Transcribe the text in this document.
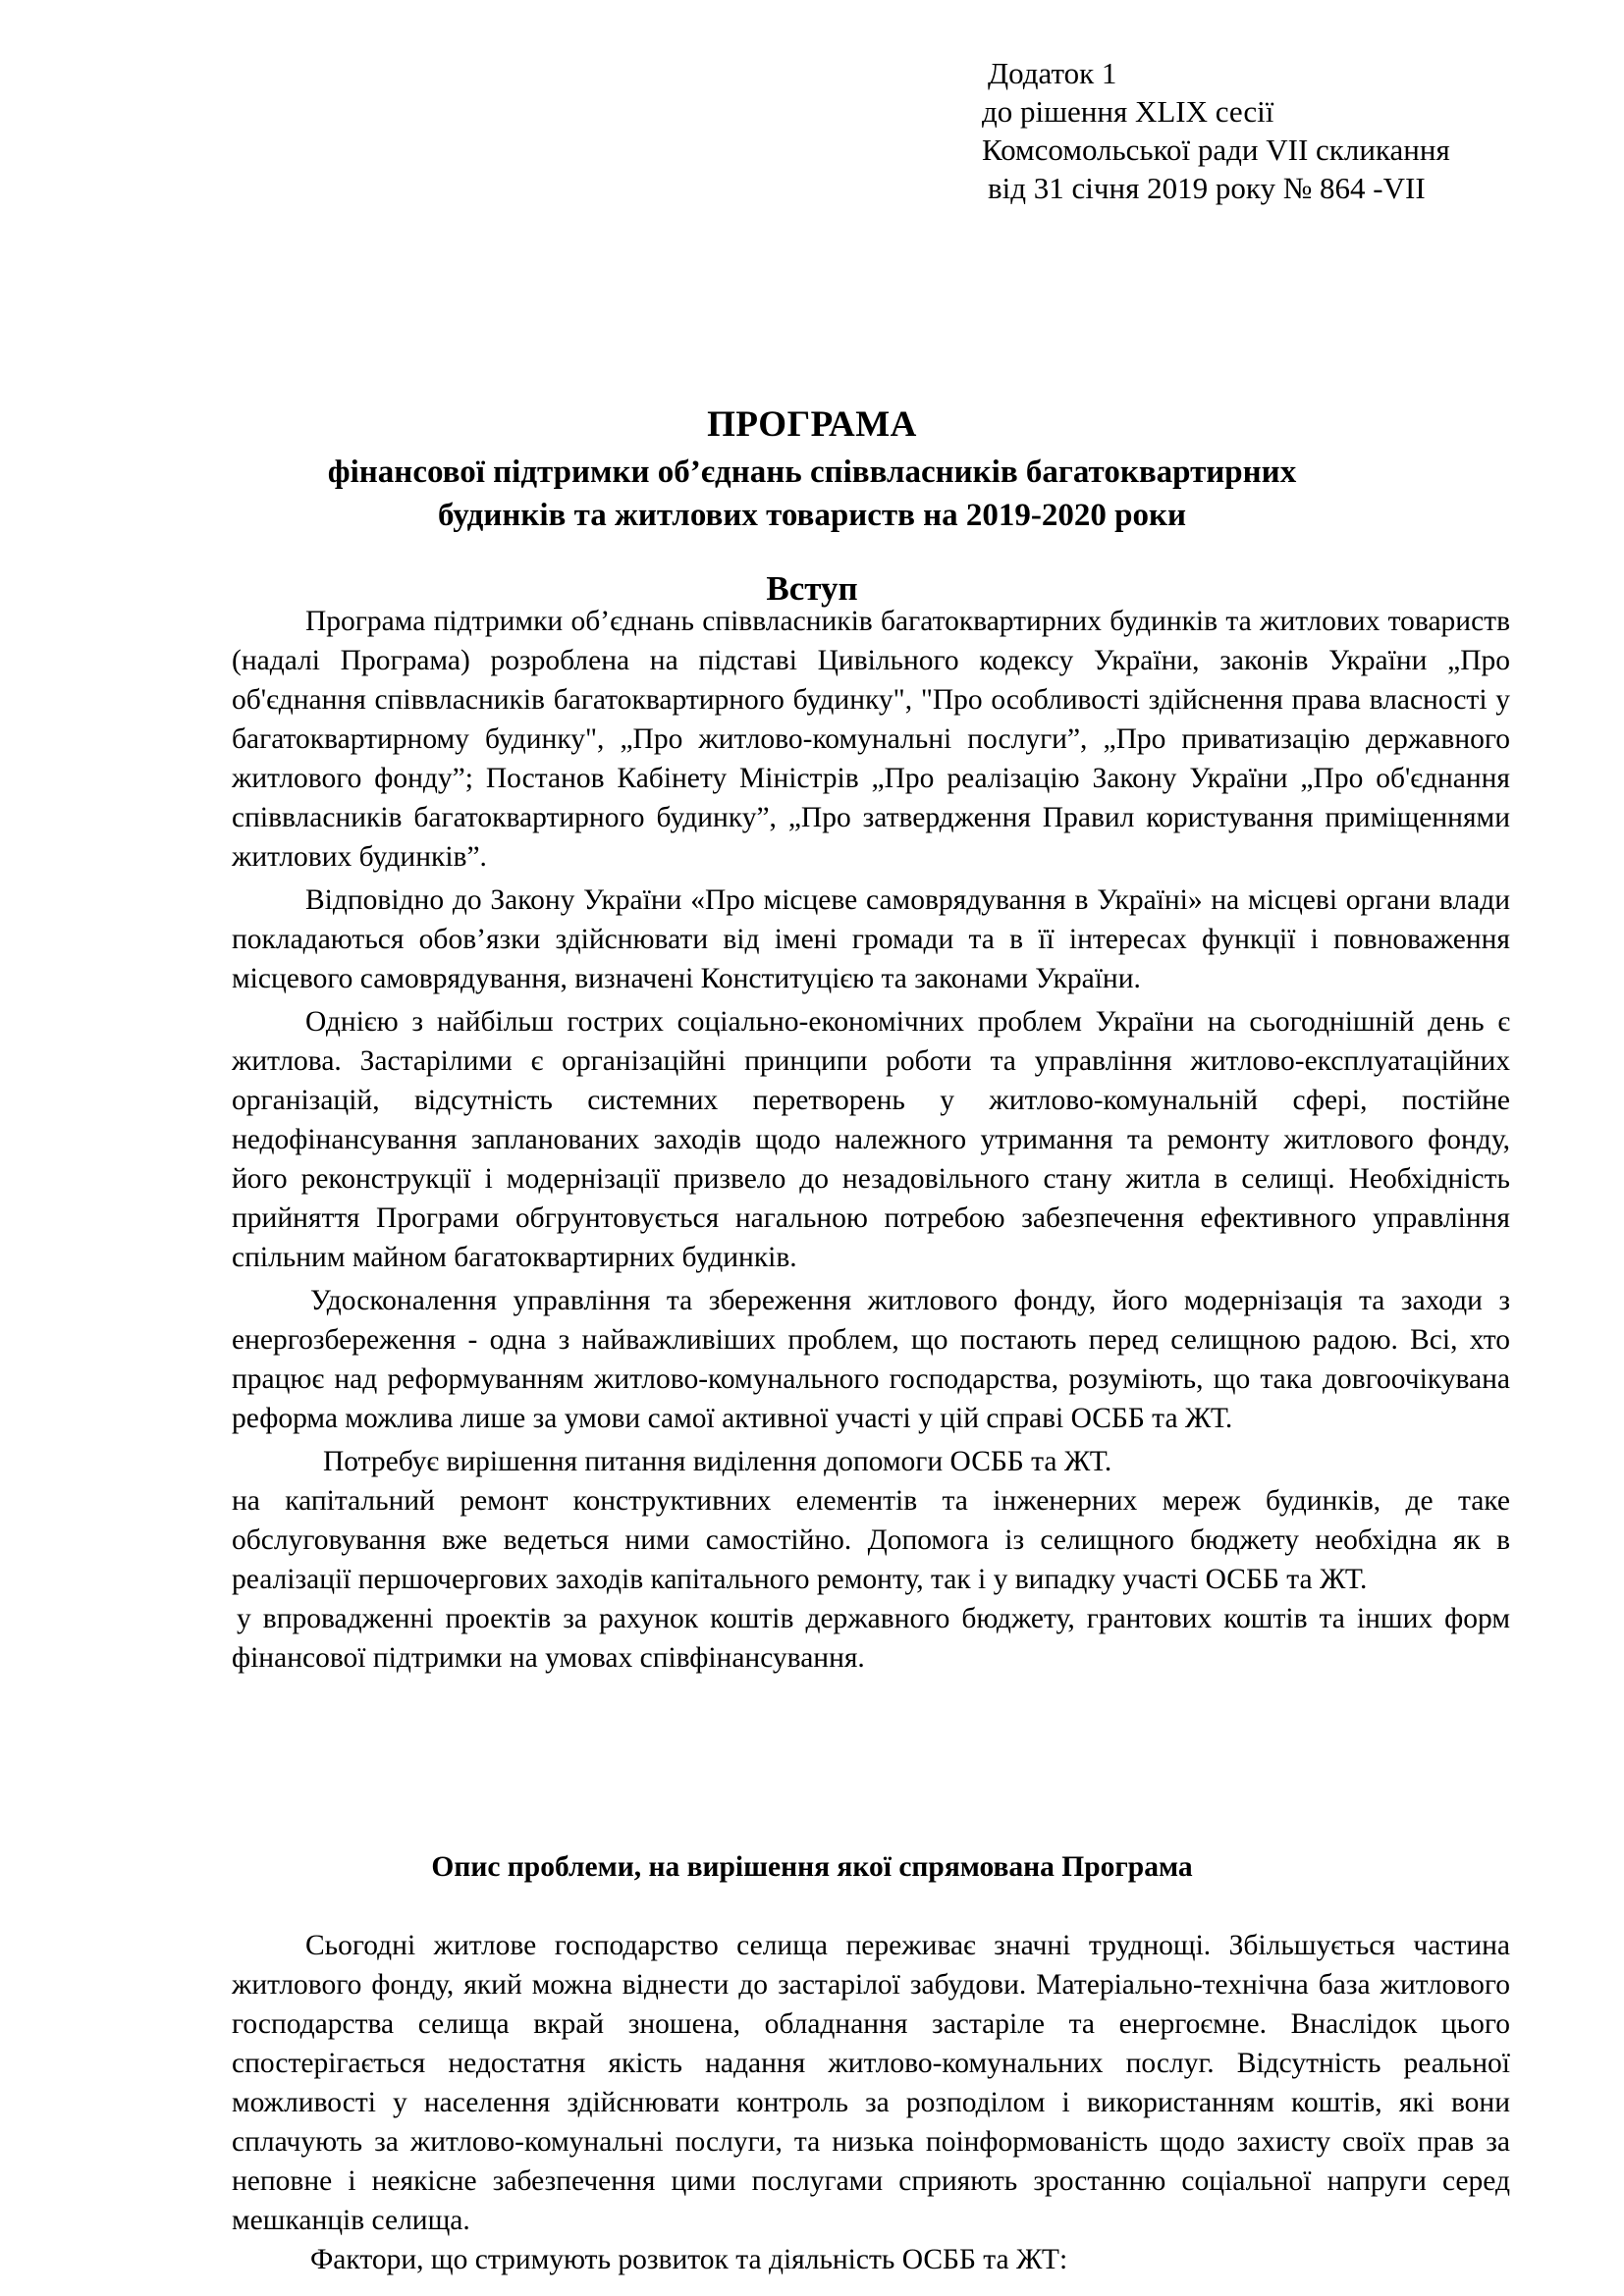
Додаток 1
до рішення XLIX сесії
Комсомольської ради VII скликання
від 31 січня 2019 року № 864 -VII
ПРОГРАМА
фінансової підтримки об’єднань співвласників багатоквартирних
будинків та житлових товариств на 2019-2020 роки
Вступ

Програма підтримки об’єднань співвласників багатоквартирних будинків та житлових товариств (надалі Програма) розроблена на підставі Цивільного кодексу України, законів України „Про об'єднання співвласників багатоквартирного будинку", "Про особливості здійснення права власності у багатоквартирному будинку", „Про житлово-комунальні послуги”, „Про приватизацію державного житлового фонду”; Постанов Кабінету Міністрів „Про реалізацію Закону України „Про об'єднання співвласників багатоквартирного будинку”, „Про затвердження Правил користування приміщеннями житлових будинків”.

Відповідно до Закону України «Про місцеве самоврядування в Україні» на місцеві органи влади покладаються обов’язки здійснювати від імені громади та в її інтересах функції і повноваження місцевого самоврядування, визначені Конституцією та законами України.

Однією з найбільш гострих соціально-економічних проблем України на сьогоднішній день є житлова. Застарілими є організаційні принципи роботи та управління житлово-експлуатаційних організацій, відсутність системних перетворень у житлово-комунальній сфері, постійне недофінансування запланованих заходів щодо належного утримання та ремонту житлового фонду, його реконструкції і модернізації призвело до незадовільного стану житла в селищі. Необхідність прийняття Програми обгрунтовується нагальною потребою забезпечення ефективного управління спільним майном багатоквартирних будинків.

Удосконалення управління та збереження житлового фонду, його модернізація та заходи з енергозбереження - одна з найважливіших проблем, що постають перед селищною радою. Всі, хто працює над реформуванням житлово-комунального господарства, розуміють, що така довгоочікувана реформа можлива лише за умови самої активної участі у цій справі ОСББ та ЖТ.

Потребує вирішення питання виділення допомоги ОСББ та ЖТ.

на капітальний ремонт конструктивних елементів та інженерних мереж будинків, де таке обслуговування вже ведеться ними самостійно. Допомога із селищного бюджету необхідна як в реалізації першочергових заходів капітального ремонту, так і у випадку участі ОСББ та ЖТ.

у впровадженні проектів за рахунок коштів державного бюджету, грантових коштів та інших форм фінансової підтримки на умовах співфінансування.

Опис проблеми, на вирішення якої спрямована Програма

Сьогодні житлове господарство селища переживає значні труднощі. Збільшується частина житлового фонду, який можна віднести до застарілої забудови. Матеріально-технічна база житлового господарства селища вкрай зношена, обладнання застаріле та енергоємне. Внаслідок цього спостерігається недостатня якість надання житлово-комунальних послуг. Відсутність реальної можливості у населення здійснювати контроль за розподілом і використанням коштів, які вони сплачують за житлово-комунальні послуги, та низька поінформованість щодо захисту своїх прав за неповне і неякісне забезпечення цими послугами сприяють зростанню соціальної напруги серед мешканців селища.

Фактори, що стримують розвиток та діяльність ОСББ та ЖТ:
